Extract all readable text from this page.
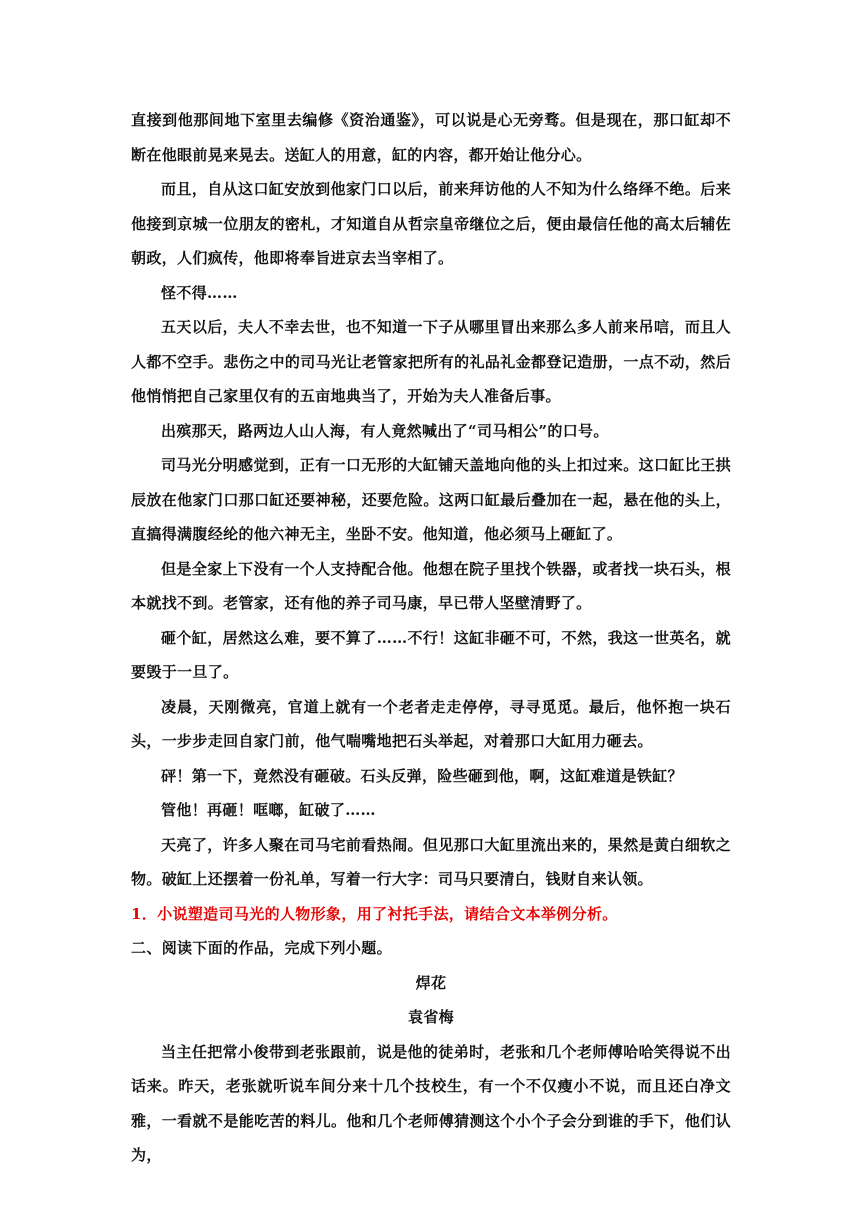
直接到他那间地下室里去编修《资治通鉴》，可以说是心无旁骛。但是现在，那口缸却不断在他眼前晃来晃去。送缸人的用意，缸的内容，都开始让他分心。

而且，自从这口缸安放到他家门口以后，前来拜访他的人不知为什么络绎不绝。后来他接到京城一位朋友的密札，才知道自从哲宗皇帝继位之后，便由最信任他的高太后辅佐朝政，人们疯传，他即将奉旨进京去当宰相了。

怪不得……

五天以后，夫人不幸去世，也不知道一下子从哪里冒出来那么多人前来吊唁，而且人人都不空手。悲伤之中的司马光让老管家把所有的礼品礼金都登记造册，一点不动，然后他悄悄把自己家里仅有的五亩地典当了，开始为夫人准备后事。

出殡那天，路两边人山人海，有人竟然喊出了“司马相公”的口号。

司马光分明感觉到，正有一口无形的大缸铺天盖地向他的头上扣过来。这口缸比王拱辰放在他家门口那口缸还要神秘，还要危险。这两口缸最后叠加在一起，悬在他的头上，直搞得满腹经纶的他六神无主，坐卧不安。他知道，他必须马上砸缸了。

但是全家上下没有一个人支持配合他。他想在院子里找个铁器，或者找一块石头，根本就找不到。老管家，还有他的养子司马康，早已带人坚壁清野了。

砸个缸，居然这么难，要不算了……不行！这缸非砸不可，不然，我这一世英名，就要毁于一旦了。

凌晨，天刚微亮，官道上就有一个老者走走停停，寻寻觅觅。最后，他怀抱一块石头，一步步走回自家门前，他气喘嘴地把石头举起，对着那口大缸用力砸去。

砰！第一下，竟然没有砸破。石头反弹，险些砸到他，啊，这缸难道是铁缸？

管他！再砸！哐啷，缸破了……

天亮了，许多人聚在司马宅前看热闹。但见那口大缸里流出来的，果然是黄白细软之物。破缸上还摆着一份礼单，写着一行大字：司马只要清白，钱财自来认领。

1．小说塑造司马光的人物形象，用了衬托手法，请结合文本举例分析。

二、阅读下面的作品，完成下列小题。

焊花

袁省梅

当主任把常小俊带到老张跟前，说是他的徒弟时，老张和几个老师傅哈哈笑得说不出话来。昨天，老张就听说车间分来十几个技校生，有一个不仅瘦小不说，而且还白净文雅，一看就不是能吃苦的料儿。他和几个老师傅猜测这个小个子会分到谁的手下，他们认为，
